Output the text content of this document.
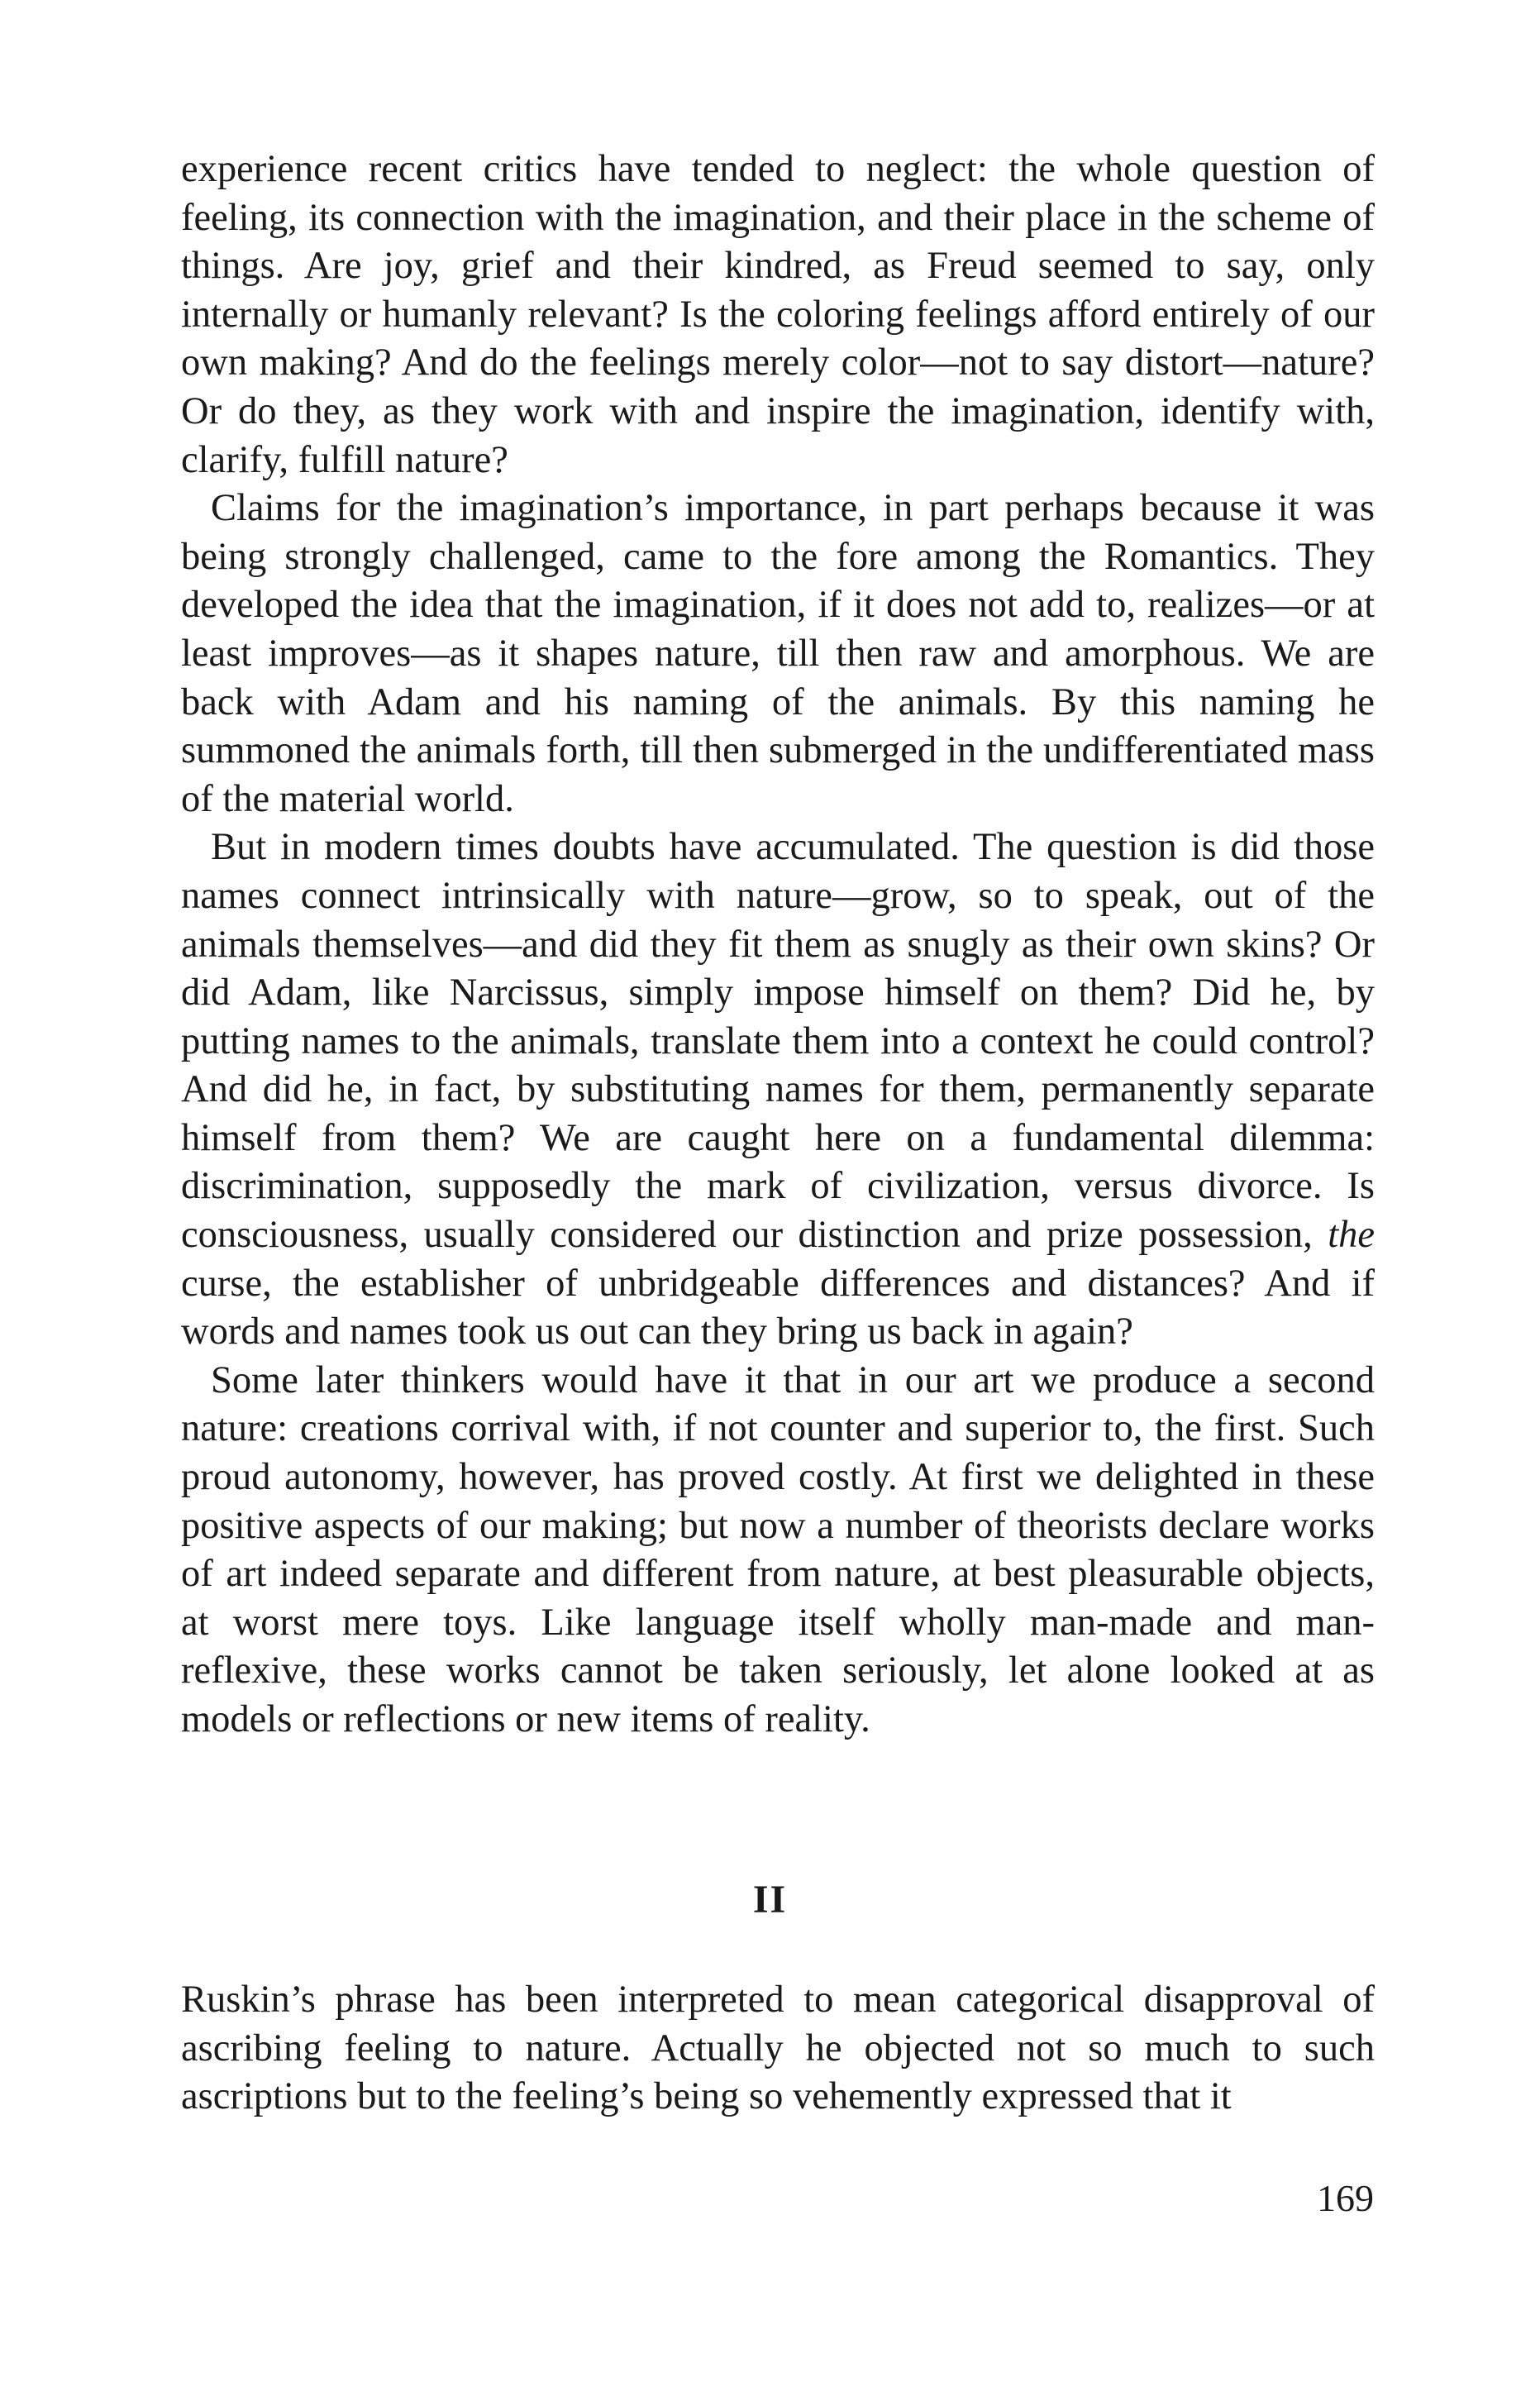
experience recent critics have tended to neglect: the whole question of feeling, its connection with the imagination, and their place in the scheme of things. Are joy, grief and their kindred, as Freud seemed to say, only internally or humanly relevant? Is the coloring feelings afford entirely of our own making? And do the feelings merely color—not to say distort—nature? Or do they, as they work with and inspire the imagination, identify with, clarify, fulfill nature?

Claims for the imagination’s importance, in part perhaps because it was being strongly challenged, came to the fore among the Romantics. They developed the idea that the imagination, if it does not add to, realizes—or at least improves—as it shapes nature, till then raw and amorphous. We are back with Adam and his naming of the animals. By this naming he summoned the animals forth, till then submerged in the undifferentiated mass of the material world.

But in modern times doubts have accumulated. The question is did those names connect intrinsically with nature—grow, so to speak, out of the animals themselves—and did they fit them as snugly as their own skins? Or did Adam, like Narcissus, simply impose himself on them? Did he, by putting names to the animals, translate them into a context he could control? And did he, in fact, by substituting names for them, permanently separate himself from them? We are caught here on a fundamental dilemma: discrimination, supposedly the mark of civilization, versus divorce. Is consciousness, usually considered our distinction and prize possession, the curse, the establisher of unbridgeable differences and distances? And if words and names took us out can they bring us back in again?

Some later thinkers would have it that in our art we produce a second nature: creations corrival with, if not counter and superior to, the first. Such proud autonomy, however, has proved costly. At first we delighted in these positive aspects of our making; but now a number of theorists declare works of art indeed separate and different from nature, at best pleasurable objects, at worst mere toys. Like language itself wholly man-made and man-reflexive, these works cannot be taken seriously, let alone looked at as models or reflections or new items of reality.

II

Ruskin’s phrase has been interpreted to mean categorical disapproval of ascribing feeling to nature. Actually he objected not so much to such ascriptions but to the feeling’s being so vehemently expressed that it

169
